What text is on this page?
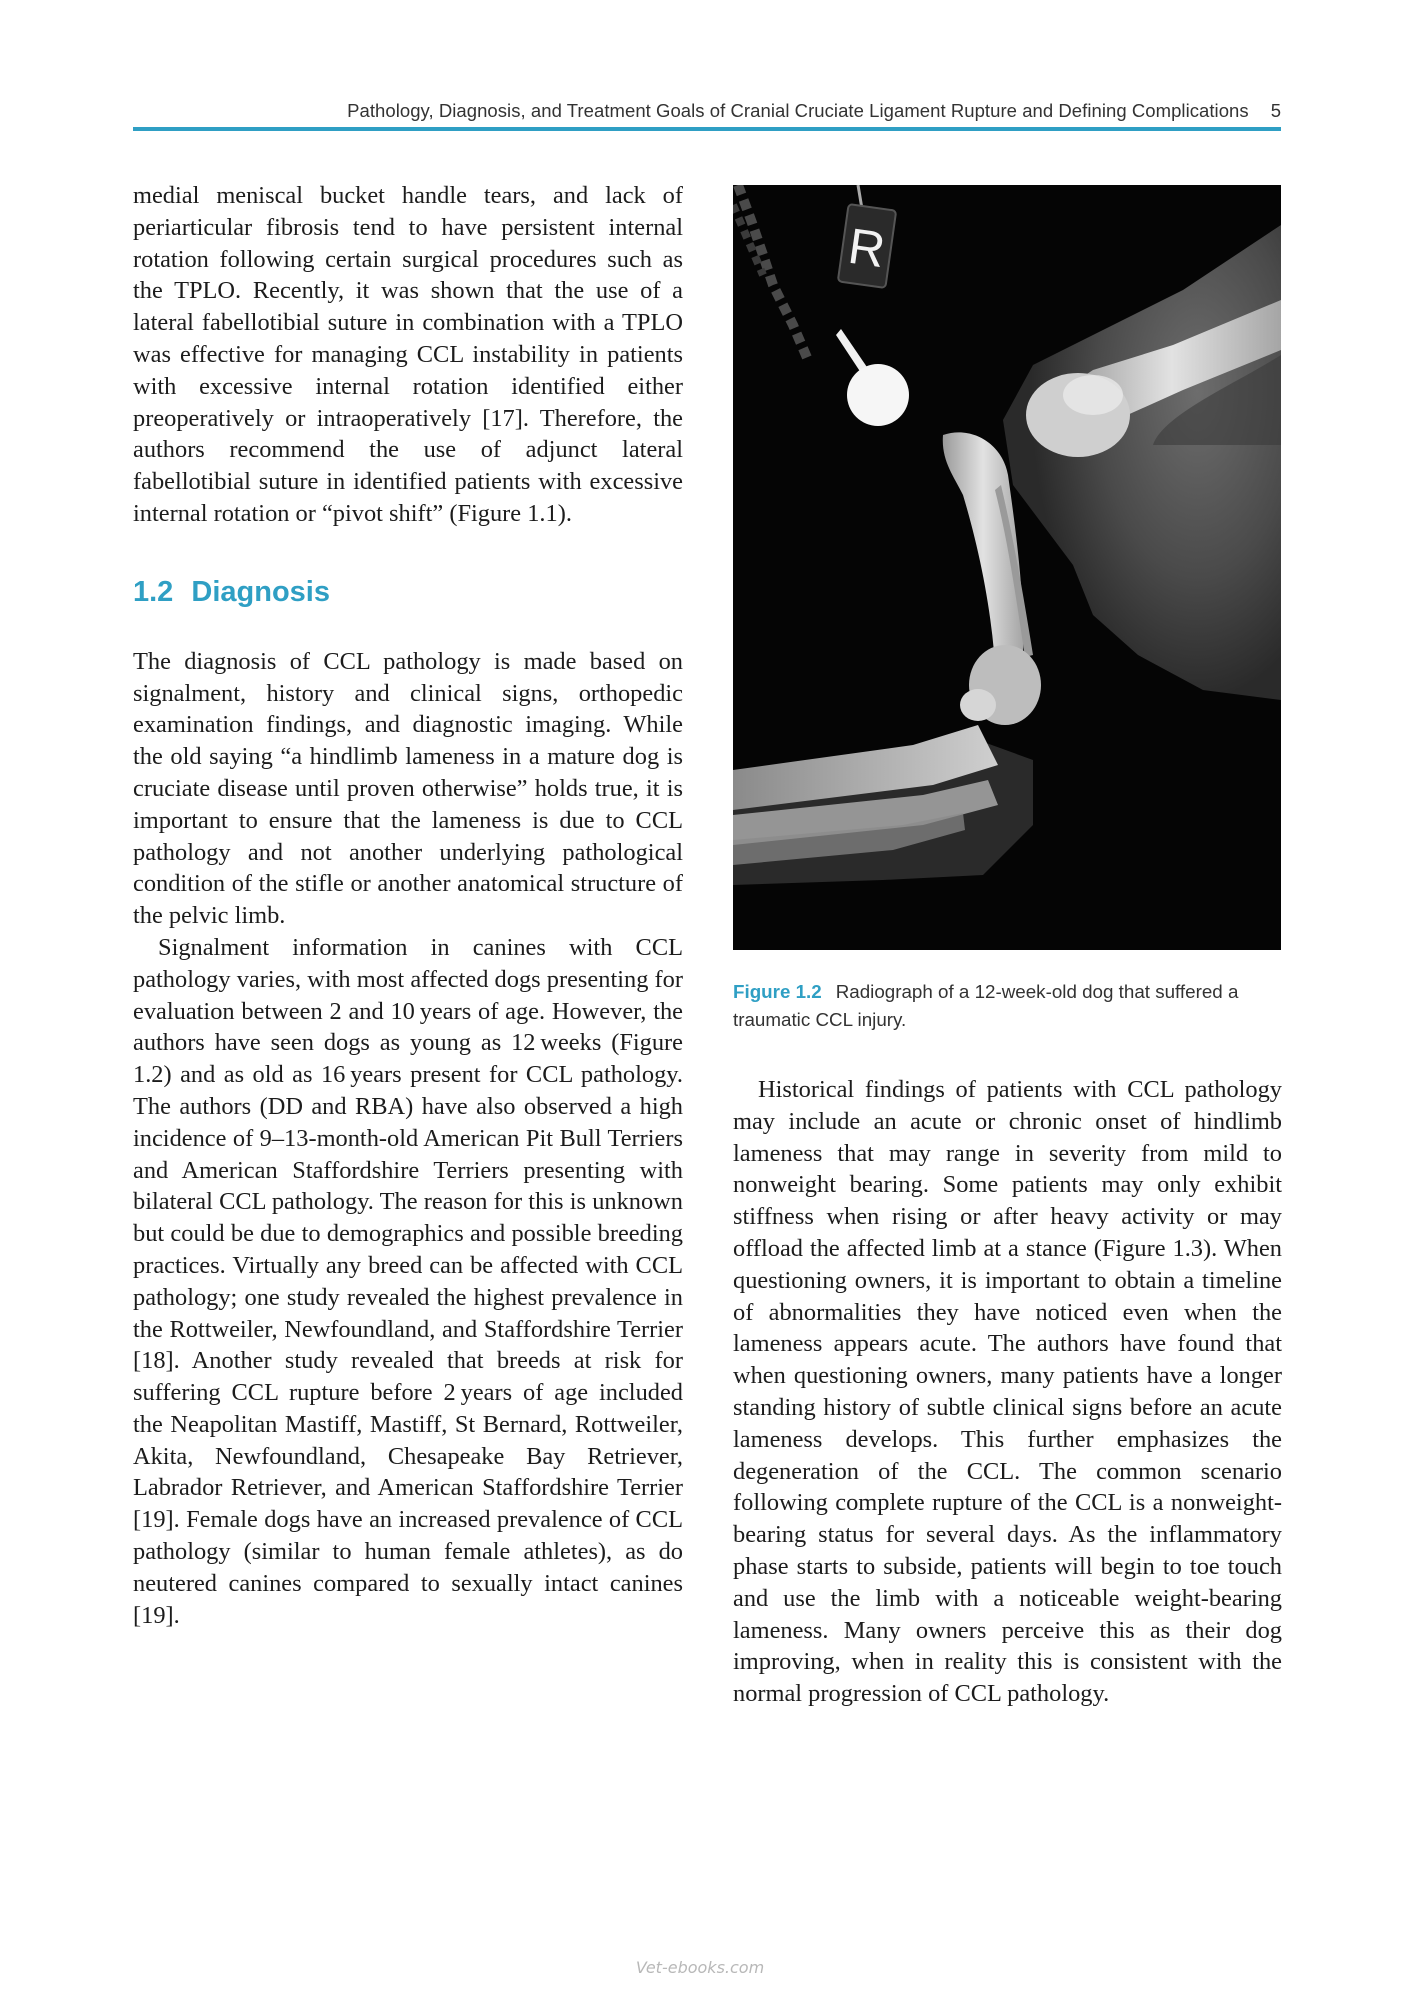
Pathology, Diagnosis, and Treatment Goals of Cranial Cruciate Ligament Rupture and Defining Complications 5

medial meniscal bucket handle tears, and lack of periarticular fibrosis tend to have persistent internal rotation following certain surgical procedures such as the TPLO. Recently, it was shown that the use of a lateral fabellotibial suture in combination with a TPLO was effective for managing CCL instability in patients with excessive internal rotation identified either preoperatively or intraoperatively [17]. Therefore, the authors recommend the use of adjunct lateral fabellotibial suture in identified patients with excessive internal rotation or “pivot shift” (Figure 1.1).

1.2 Diagnosis

The diagnosis of CCL pathology is made based on signalment, history and clinical signs, orthopedic examination findings, and diagnostic imaging. While the old saying “a hindlimb lameness in a mature dog is cruciate disease until proven otherwise” holds true, it is important to ensure that the lameness is due to CCL pathology and not another underlying pathological condition of the stifle or another anatomical structure of the pelvic limb.

Signalment information in canines with CCL pathology varies, with most affected dogs presenting for evaluation between 2 and 10 years of age. However, the authors have seen dogs as young as 12 weeks (Figure 1.2) and as old as 16 years present for CCL pathology. The authors (DD and RBA) have also observed a high incidence of 9–13-month-old American Pit Bull Terriers and American Staffordshire Terriers presenting with bilateral CCL pathology. The reason for this is unknown but could be due to demographics and possible breeding practices. Virtually any breed can be affected with CCL pathology; one study revealed the highest prevalence in the Rottweiler, Newfoundland, and Staffordshire Terrier [18]. Another study revealed that breeds at risk for suffering CCL rupture before 2 years of age included the Neapolitan Mastiff, Mastiff, St Bernard, Rottweiler, Akita, Newfoundland, Chesapeake Bay Retriever, Labrador Retriever, and American Staffordshire Terrier [19]. Female dogs have an increased prevalence of CCL pathology (similar to human female athletes), as do neutered canines compared to sexually intact canines [19].

R
Figure 1.2 Radiograph of a 12-week-old dog that suffered a traumatic CCL injury.

Historical findings of patients with CCL pathology may include an acute or chronic onset of hindlimb lameness that may range in severity from mild to nonweight bearing. Some patients may only exhibit stiffness when rising or after heavy activity or may offload the affected limb at a stance (Figure 1.3). When questioning owners, it is important to obtain a timeline of abnormalities they have noticed even when the lameness appears acute. The authors have found that when questioning owners, many patients have a longer standing history of subtle clinical signs before an acute lameness develops. This further emphasizes the degeneration of the CCL. The common scenario following complete rupture of the CCL is a nonweight-bearing status for several days. As the inflammatory phase starts to subside, patients will begin to toe touch and use the limb with a noticeable weight-bearing lameness. Many owners perceive this as their dog improving, when in reality this is consistent with the normal progression of CCL pathology.

Vet-ebooks.com
